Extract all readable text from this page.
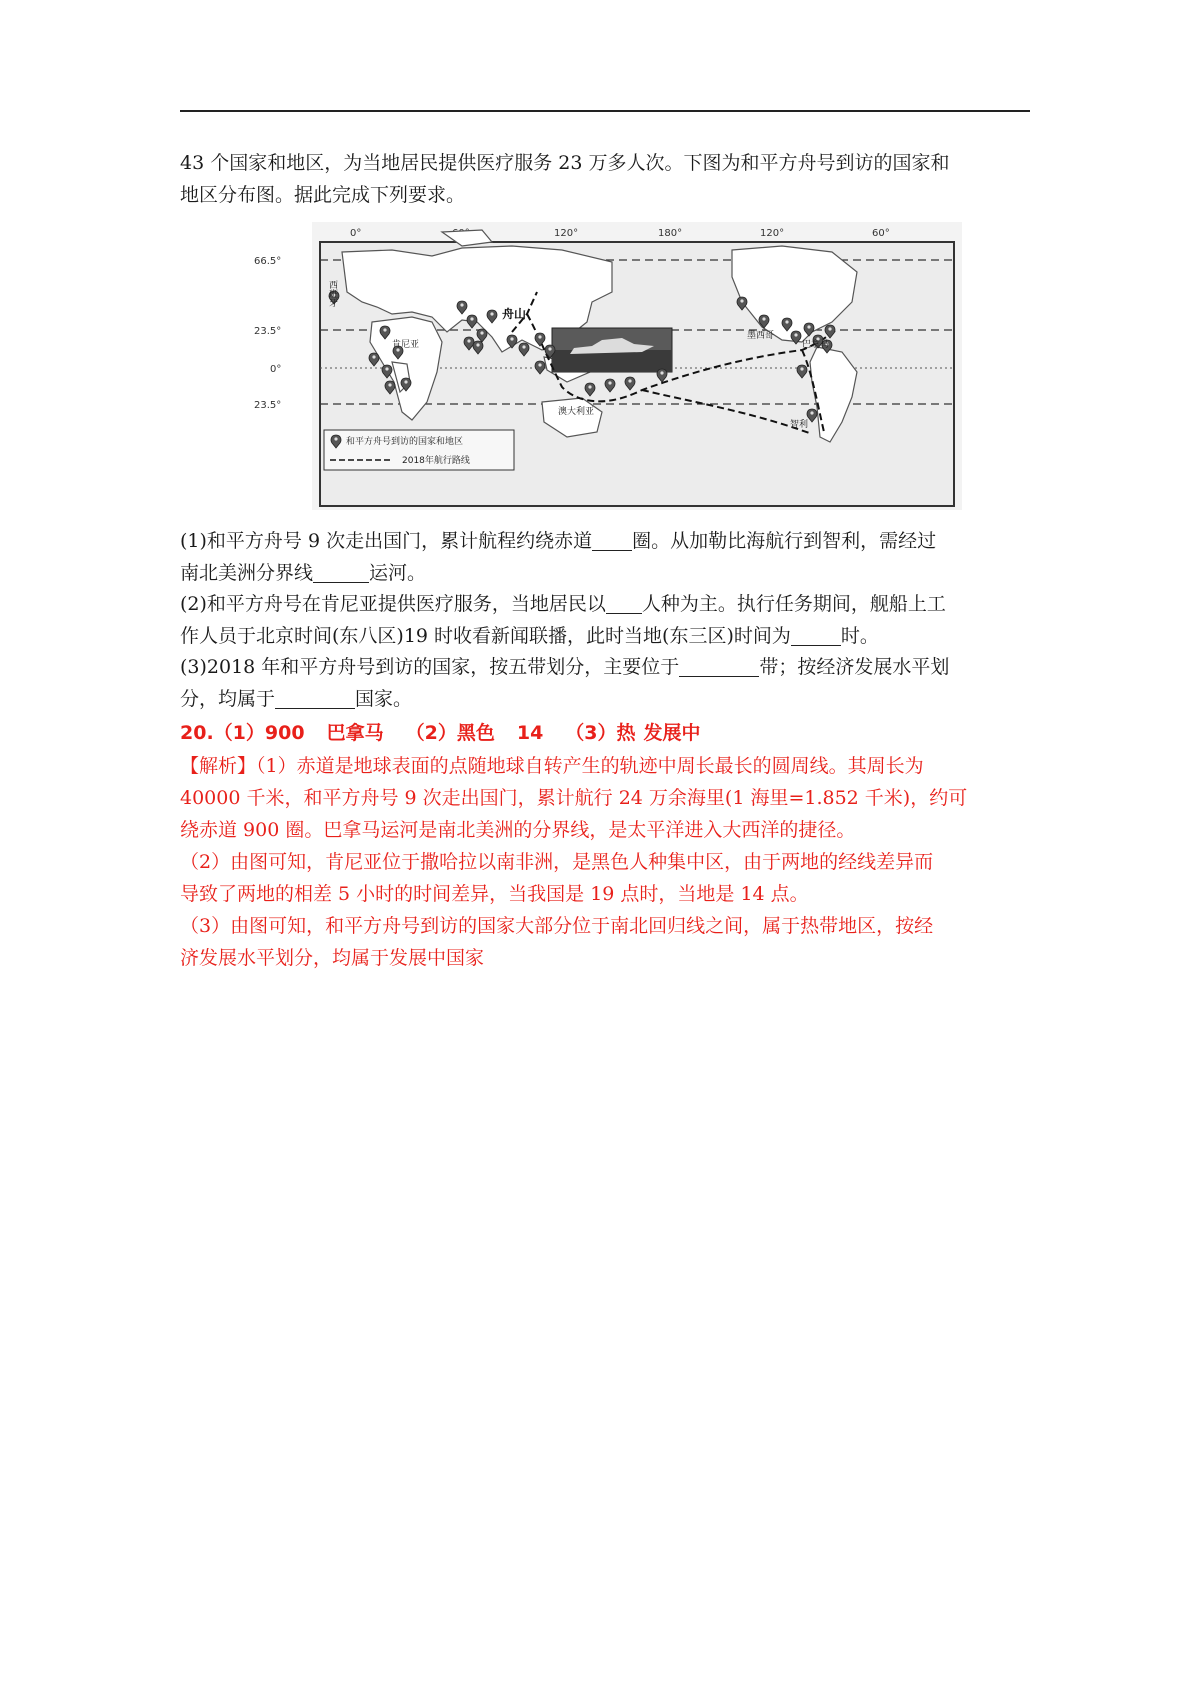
43 个国家和地区，为当地居民提供医疗服务 23 万多人次。下图为和平方舟号到访的国家和
地区分布图。据此完成下列要求。
0°	120°	180°	120°	60°
66.5°
23.5°
0°
23.5°
西班牙
肯尼亚
舟山
澳大利亚
墨西哥
巴拿马
智利
和平方舟号到访的国家和地区
2018年航行路线

(1)和平方舟号 9 次走出国门，累计航程约绕赤道 圈。从加勒比海航行到智利，需经过

南北美洲分界线	运河。

(2)和平方舟号在肯尼亚提供医疗服务，当地居民以 人种为主。执行任务期间，舰船上工

作人员于北京时间(东八区)19 时收看新闻联播，此时当地(东三区)时间为	时。

(3)2018 年和平方舟号到访的国家，按五带划分，主要位于	带；按经济发展水平划

分，均属于	国家。

20.（1）900 巴拿马 （2）黑色 14 （3）热 发展中

【解析】（1）赤道是地球表面的点随地球自转产生的轨迹中周长最长的圆周线。其周长为

40000 千米，和平方舟号 9 次走出国门，累计航行 24 万余海里(1 海里=1.852 千米)，约可

绕赤道 900 圈。巴拿马运河是南北美洲的分界线，是太平洋进入大西洋的捷径。

（2）由图可知，肯尼亚位于撒哈拉以南非洲，是黑色人种集中区，由于两地的经线差异而

导致了两地的相差 5 小时的时间差异，当我国是 19 点时，当地是 14 点。

（3）由图可知，和平方舟号到访的国家大部分位于南北回归线之间，属于热带地区，按经

济发展水平划分，均属于发展中国家
